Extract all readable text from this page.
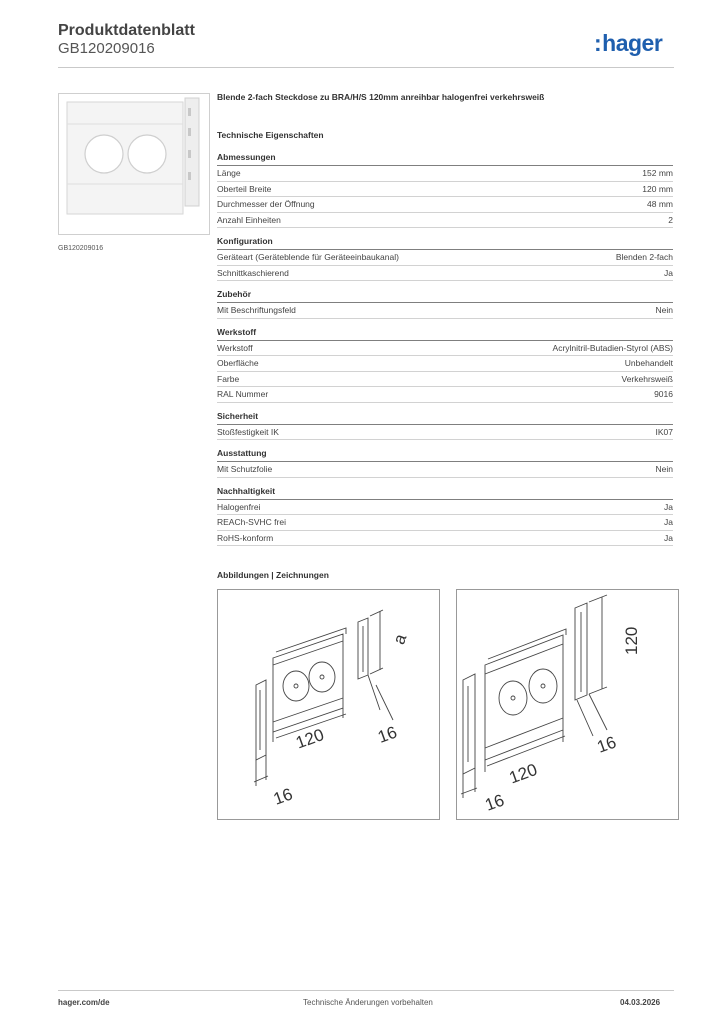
Produktdatenblatt
GB120209016	:hager
GB120209016
Blende 2-fach Steckdose zu BRA/H/S 120mm anreihbar halogenfrei verkehrsweiß
Technische Eigenschaften
Abmessungen
Länge	152 mm
Oberteil Breite	120 mm
Durchmesser der Öffnung	48 mm
Anzahl Einheiten	2
Konfiguration
Geräteart (Geräteblende für Geräteeinbaukanal)	Blenden 2-fach
Schnittkaschierend	Ja
Zubehör
Mit Beschriftungsfeld	Nein
Werkstoff
Werkstoff	Acrylnitril-Butadien-Styrol (ABS)
Oberfläche	Unbehandelt
Farbe	Verkehrsweiß
RAL Nummer	9016
Sicherheit
Stoßfestigkeit IK	IK07
Ausstattung
Mit Schutzfolie	Nein
Nachhaltigkeit
Halogenfrei	Ja
REACh-SVHC frei	Ja
RoHS-konform	Ja
Abbildungen | Zeichnungen
120	16
16
a
120
16
16
120
hager.com/de	Technische Änderungen vorbehalten	04.03.2026
